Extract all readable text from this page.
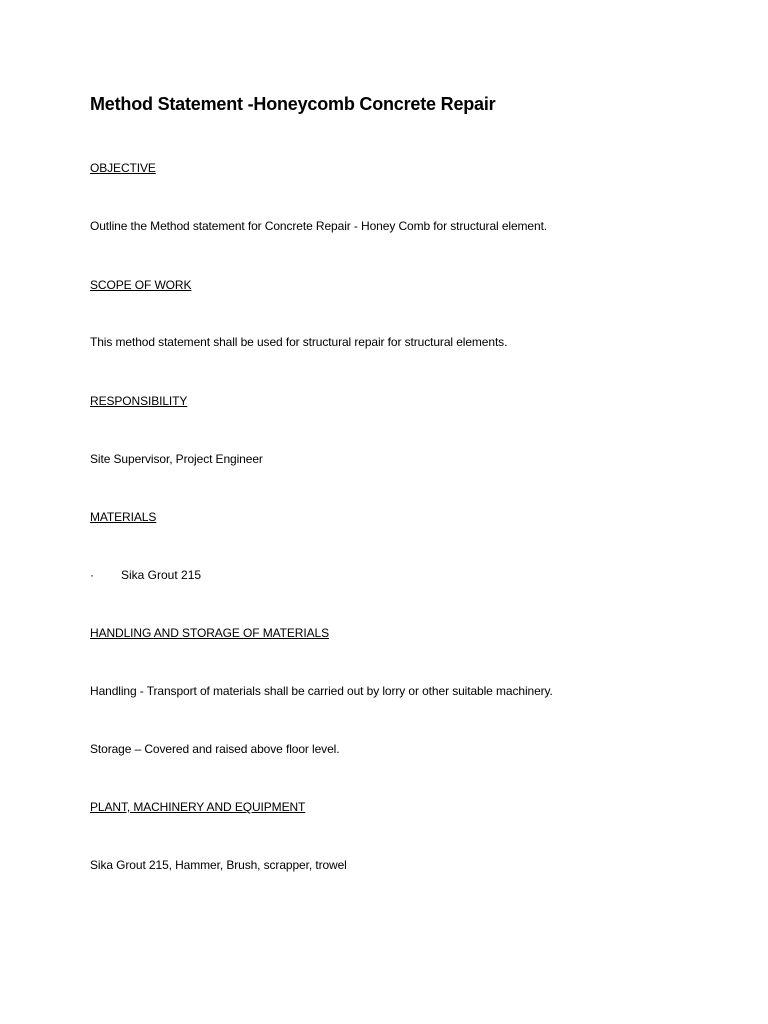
Method Statement -Honeycomb Concrete Repair
OBJECTIVE
Outline the Method statement for Concrete Repair - Honey Comb for structural element.
SCOPE OF WORK
This method statement shall be used for structural repair for structural elements.
RESPONSIBILITY
Site Supervisor, Project Engineer
MATERIALS
·	Sika Grout 215
HANDLING AND STORAGE OF MATERIALS
Handling - Transport of materials shall be carried out by lorry or other suitable machinery.
Storage – Covered and raised above floor level.
PLANT, MACHINERY AND EQUIPMENT
Sika Grout 215, Hammer, Brush, scrapper, trowel
